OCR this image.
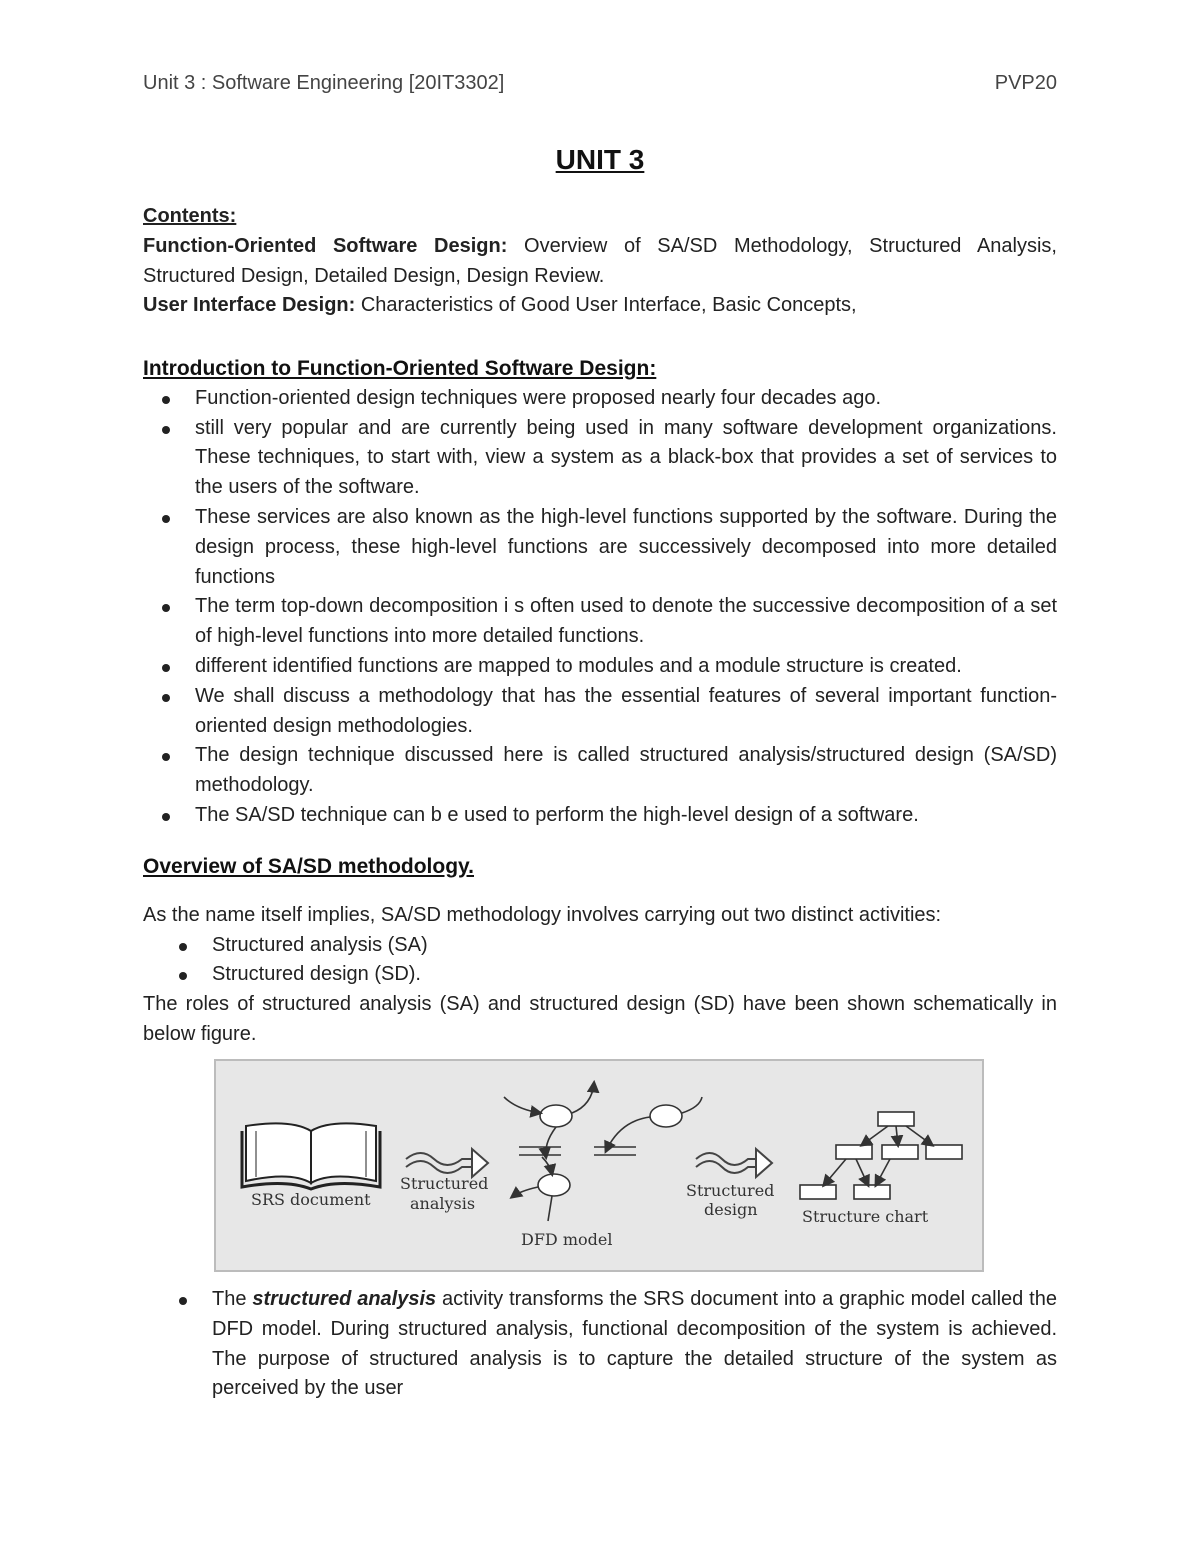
Unit 3 : Software Engineering [20IT3302]	PVP20
UNIT 3

Contents:

Function-Oriented Software Design: Overview of SA/SD Methodology, Structured Analysis, Structured Design, Detailed Design, Design Review.

User Interface Design: Characteristics of Good User Interface, Basic Concepts,

Introduction to Function-Oriented Software Design:

Function-oriented design techniques were proposed nearly four decades ago.
still very popular and are currently being used in many software development organizations. These techniques, to start with, view a system as a black-box that provides a set of services to the users of the software.
These services are also known as the high-level functions supported by the software. During the design process, these high-level functions are successively decomposed into more detailed functions
The term top-down decomposition i s often used to denote the successive decomposition of a set of high-level functions into more detailed functions.
different identified functions are mapped to modules and a module structure is created.
We shall discuss a methodology that has the essential features of several important function-oriented design methodologies.
The design technique discussed here is called structured analysis/structured design (SA/SD) methodology.
The SA/SD technique can b e used to perform the high-level design of a software.

Overview of SA/SD methodology.

As the name itself implies, SA/SD methodology involves carrying out two distinct activities:

Structured analysis (SA)
Structured design (SD).

The roles of structured analysis (SA) and structured design (SD) have been shown schematically in below figure.

SRS document
Structured
analysis
DFD model
Structured
design	Structure chart
The structured analysis activity transforms the SRS document into a graphic model called the DFD model. During structured analysis, functional decomposition of the system is achieved. The purpose of structured analysis is to capture the detailed structure of the system as perceived by the user
